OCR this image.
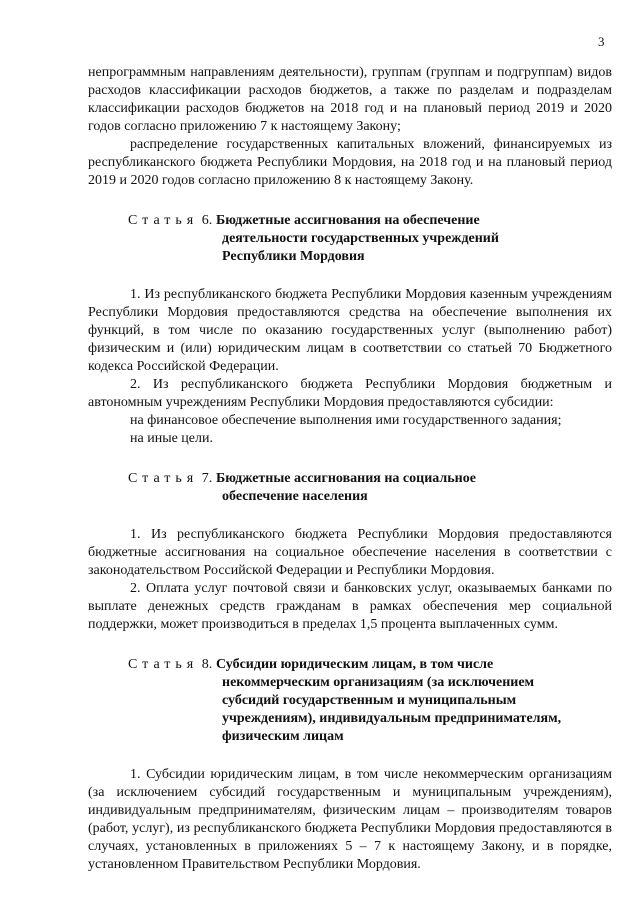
3

непрограммным направлениям деятельности), группам (группам и подгруппам) видов расходов классификации расходов бюджетов, а также по разделам и подразделам классификации расходов бюджетов на 2018 год и на плановый период 2019 и 2020 годов согласно приложению 7 к настоящему Закону;

распределение государственных капитальных вложений, финансируемых из республиканского бюджета Республики Мордовия, на 2018 год и на плановый период 2019 и 2020 годов согласно приложению 8 к настоящему Закону.

Статья 6. Бюджетные ассигнования на обеспечение
деятельности государственных учреждений
Республики Мордовия

1. Из республиканского бюджета Республики Мордовия казенным учреждениям Республики Мордовия предоставляются средства на обеспечение выполнения их функций, в том числе по оказанию государственных услуг (выполнению работ) физическим и (или) юридическим лицам в соответствии со статьей 70 Бюджетного кодекса Российской Федерации.

2. Из республиканского бюджета Республики Мордовия бюджетным и автономным учреждениям Республики Мордовия предоставляются субсидии:

на финансовое обеспечение выполнения ими государственного задания;

на иные цели.

Статья 7. Бюджетные ассигнования на социальное
обеспечение населения

1. Из республиканского бюджета Республики Мордовия предоставляются бюджетные ассигнования на социальное обеспечение населения в соответствии с законодательством Российской Федерации и Республики Мордовия.

2. Оплата услуг почтовой связи и банковских услуг, оказываемых банками по выплате денежных средств гражданам в рамках обеспечения мер социальной поддержки, может производиться в пределах 1,5 процента выплаченных сумм.

Статья 8. Субсидии юридическим лицам, в том числе
некоммерческим организациям (за исключением
субсидий государственным и муниципальным
учреждениям), индивидуальным предпринимателям,
физическим лицам

1. Субсидии юридическим лицам, в том числе некоммерческим организациям (за исключением субсидий государственным и муниципальным учреждениям), индивидуальным предпринимателям, физическим лицам – производителям товаров (работ, услуг), из республиканского бюджета Республики Мордовия предоставляются в случаях, установленных в приложениях 5 – 7 к настоящему Закону, и в порядке, установленном Правительством Республики Мордовия.
